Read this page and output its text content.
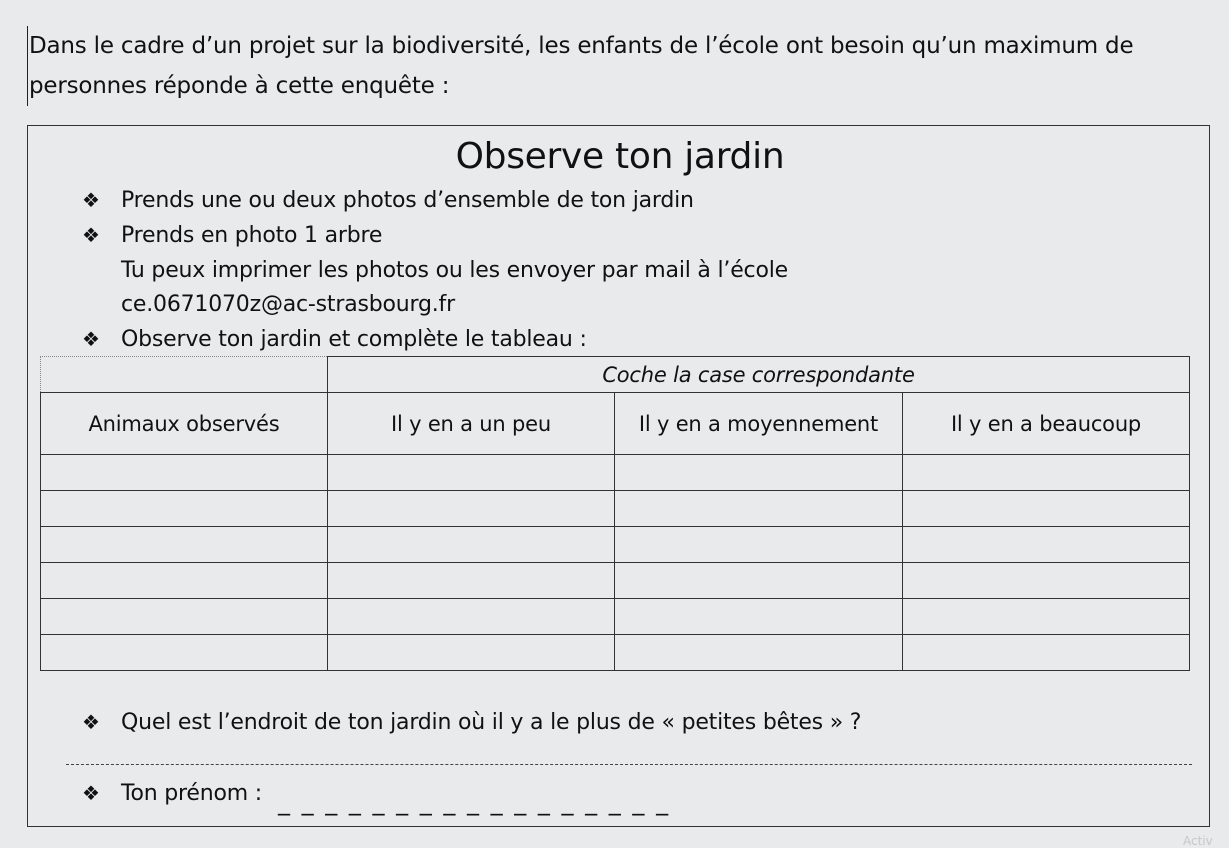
Dans le cadre d’un projet sur la biodiversité, les enfants de l’école ont besoin qu’un maximum de personnes réponde à cette enquête :
Observe ton jardin
❖ Prends une ou deux photos d’ensemble de ton jardin
❖ Prends en photo 1 arbre
Tu peux imprimer les photos ou les envoyer par mail à l’école
ce.0671070z@ac-strasbourg.fr
❖ Observe ton jardin et complète le tableau :
	Coche la case correspondante		
Animaux observés	Il y en a un peu	Il y en a moyennement	Il y en a beaucoup

❖ Quel est l’endroit de ton jardin où il y a le plus de « petites bêtes » ?
❖ Ton prénom : _ _ _ _ _ _ _ _ _ _ _ _ _ _ _ _ _
Activ
